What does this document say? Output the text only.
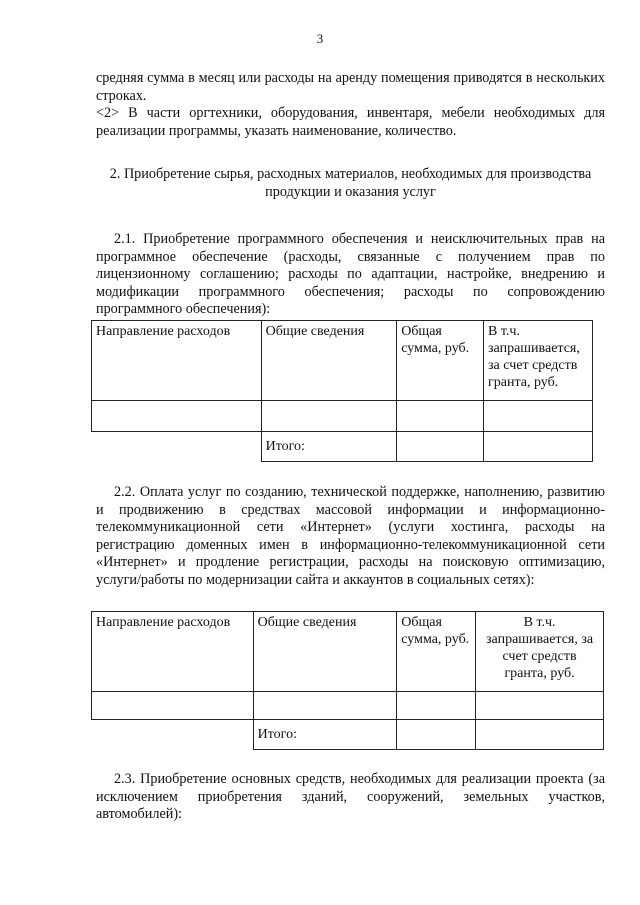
3

средняя сумма в месяц или расходы на аренду помещения приводятся в нескольких строках.

<2> В части оргтехники, оборудования, инвентаря, мебели необходимых для реализации программы, указать наименование, количество.

2. Приобретение сырья, расходных материалов, необходимых для производства продукции и оказания услуг

2.1. Приобретение программного обеспечения и неисключительных прав на программное обеспечение (расходы, связанные с получением прав по лицензионному соглашению; расходы по адаптации, настройке, внедрению и модификации программного обеспечения; расходы по сопровождению программного обеспечения):

Направление расходов	Общие сведения	Общая сумма, руб.	В т.ч. запрашивается, за счет средств гранта, руб.

	Итого:		

2.2. Оплата услуг по созданию, технической поддержке, наполнению, развитию и продвижению в средствах массовой информации и информационно-телекоммуникационной сети «Интернет» (услуги хостинга, расходы на регистрацию доменных имен в информационно-телекоммуникационной сети «Интернет» и продление регистрации, расходы на поисковую оптимизацию, услуги/работы по модернизации сайта и аккаунтов в социальных сетях):

Направление расходов	Общие сведения	Общая сумма, руб.	В т.ч. запрашивается, за счет средств гранта, руб.

	Итого:		

2.3. Приобретение основных средств, необходимых для реализации проекта (за исключением приобретения зданий, сооружений, земельных участков, автомобилей):
